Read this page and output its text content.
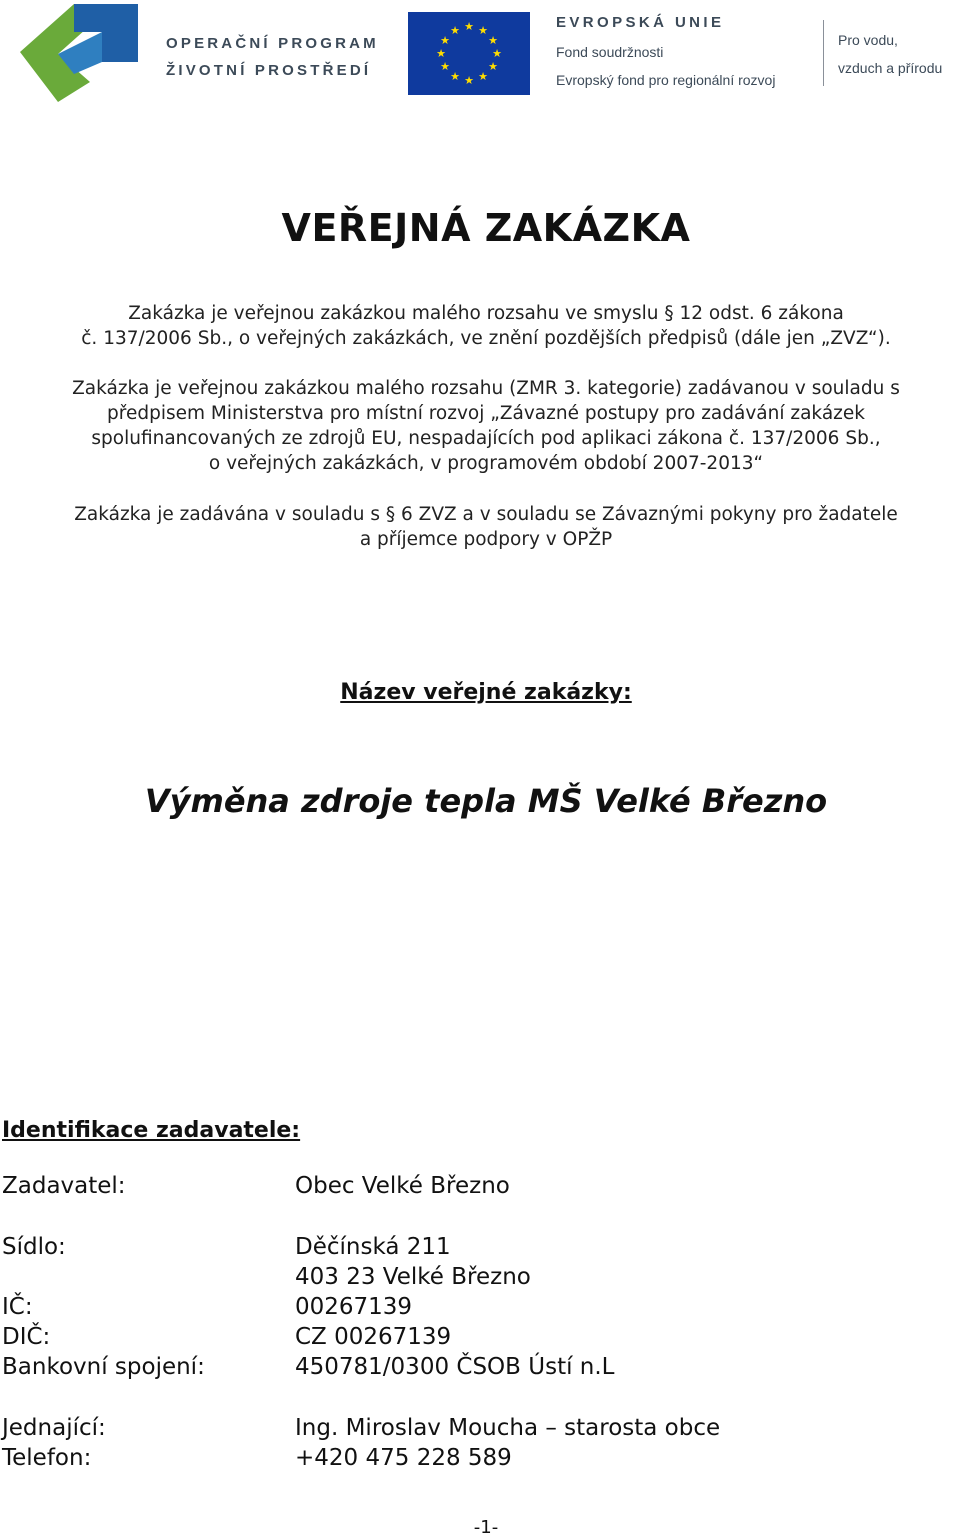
OPERAČNÍ PROGRAM
ŽIVOTNÍ PROSTŘEDÍ
★ ★
★
★
★
★
★
★
★
★
★
★	EVROPSKÁ UNIE
Fond soudržnosti
Evropský fond pro regionální rozvoj
Pro vodu,
vzduch a přírodu
VEŘEJNÁ ZAKÁZKA
Zakázka je veřejnou zakázkou malého rozsahu ve smyslu § 12 odst. 6 zákona
č. 137/2006 Sb., o veřejných zakázkách, ve znění pozdějších předpisů (dále jen „ZVZ“).
Zakázka je veřejnou zakázkou malého rozsahu (ZMR 3. kategorie) zadávanou v souladu s
předpisem Ministerstva pro místní rozvoj „Závazné postupy pro zadávání zakázek
spolufinancovaných ze zdrojů EU, nespadajících pod aplikaci zákona č. 137/2006 Sb.,
o veřejných zakázkách, v programovém období 2007-2013“
Zakázka je zadávána v souladu s § 6 ZVZ a v souladu se Závaznými pokyny pro žadatele
a příjemce podpory v OPŽP
Název veřejné zakázky:
Výměna zdroje tepla MŠ Velké Březno
Identifikace zadavatele:
Zadavatel:	Obec Velké Březno
Sídlo:	Děčínská 211
403 23 Velké Březno
IČ:	00267139
DIČ:	CZ 00267139
Bankovní spojení:	450781/0300 ČSOB Ústí n.L
Jednající:	Ing. Miroslav Moucha – starosta obce
Telefon:	+420 475 228 589
-1-
